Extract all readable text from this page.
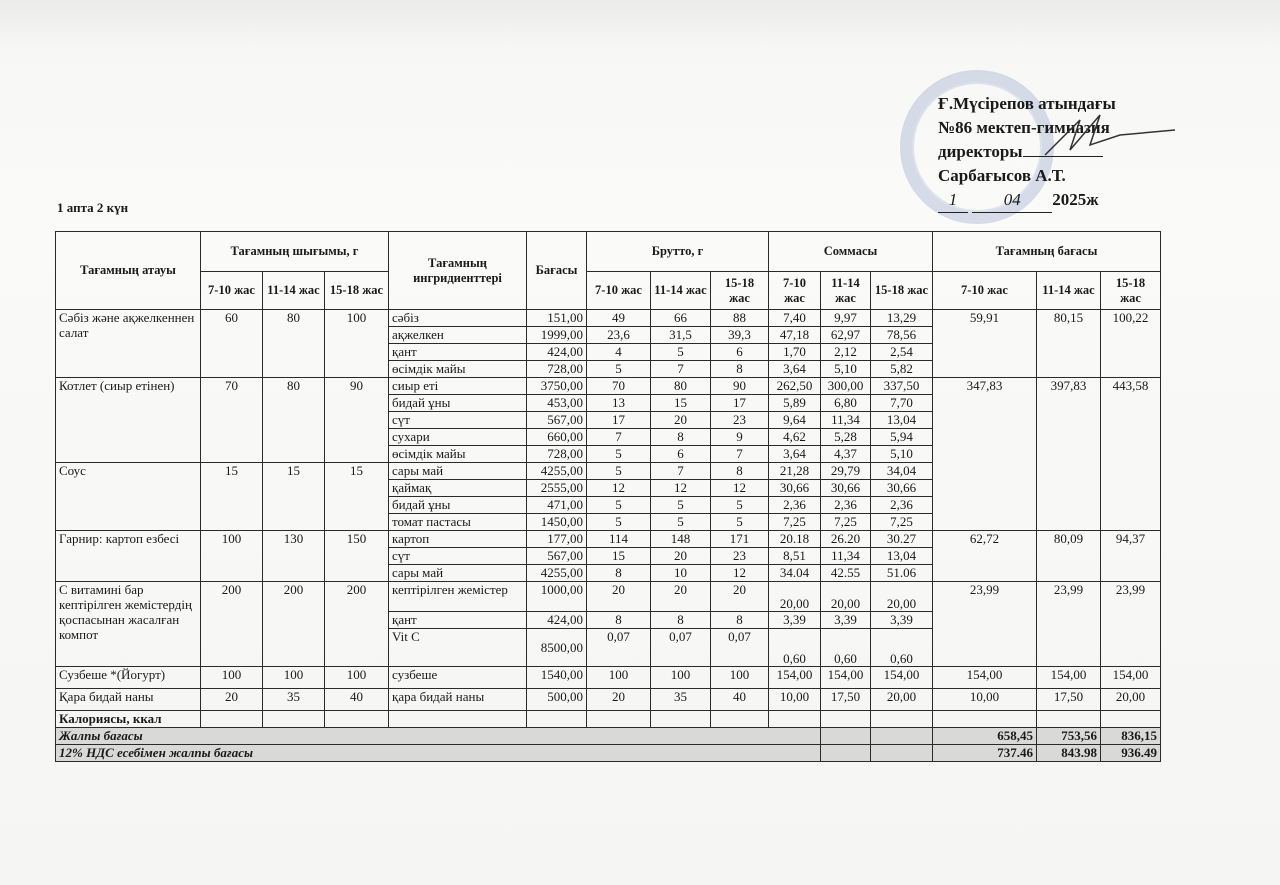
Ғ.Мүсірепов атындағы
№86 мектеп-гимназия
директоры
Сарбағысов А.Т.
1	04 2025ж
1 апта 2 күн
Тағамның атауы	Тағамның шығымы, г			Тағамның ингридиенттері	Бағасы	Брутто, г			Соммасы			Тағамның бағасы		
	7-10 жас	11-14 жас	15-18 жас			7-10 жас	11-14 жас	15-18 жас	7-10 жас	11-14 жас	15-18 жас	7-10 жас	11-14 жас	15-18 жас
Сәбіз және ақжелкеннен салат	60	80	100	сәбіз	151,00	49	66	88	7,40	9,97	13,29	59,91	80,15	100,22
				ақжелкен	1999,00	23,6	31,5	39,3	47,18	62,97	78,56			
				қант	424,00	4	5	6	1,70	2,12	2,54			
				өсімдік майы	728,00	5	7	8	3,64	5,10	5,82			
Котлет (сиыр етінен)	70	80	90	сиыр еті	3750,00	70	80	90	262,50	300,00	337,50	347,83	397,83	443,58
				бидай ұны	453,00	13	15	17	5,89	6,80	7,70			
				сүт	567,00	17	20	23	9,64	11,34	13,04			
				сухари	660,00	7	8	9	4,62	5,28	5,94			
				өсімдік майы	728,00	5	6	7	3,64	4,37	5,10			
Соус	15	15	15	сары май	4255,00	5	7	8	21,28	29,79	34,04			
				қаймақ	2555,00	12	12	12	30,66	30,66	30,66			
				бидай ұны	471,00	5	5	5	2,36	2,36	2,36			
				томат пастасы	1450,00	5	5	5	7,25	7,25	7,25			
Гарнир: картоп езбесі	100	130	150	картоп	177,00	114	148	171	20.18	26.20	30.27	62,72	80,09	94,37
				сүт	567,00	15	20	23	8,51	11,34	13,04			
				сары май	4255,00	8	10	12	34.04	42.55	51.06			
С витамині бар кептірілген жемістердің қоспасынан жасалған компот	200	200	200	кептірілген жемістер	1000,00	20	20	20	20,00	20,00	20,00	23,99	23,99	23,99
				қант	424,00	8	8	8	3,39	3,39	3,39			
				Vit C	8500,00	0,07	0,07	0,07	0,60	0,60	0,60			
Сузбеше *(Йогурт)	100	100	100	сузбеше	1540,00	100	100	100	154,00	154,00	154,00	154,00	154,00	154,00
Қара бидай наны	20	35	40	қара бидай наны	500,00	20	35	40	10,00	17,50	20,00	10,00	17,50	20,00
Калориясы, ккал														
Жалпы бағасы												658,45	753,56	836,15
12% НДС есебімен жалпы бағасы												737.46	843.98	936.49
